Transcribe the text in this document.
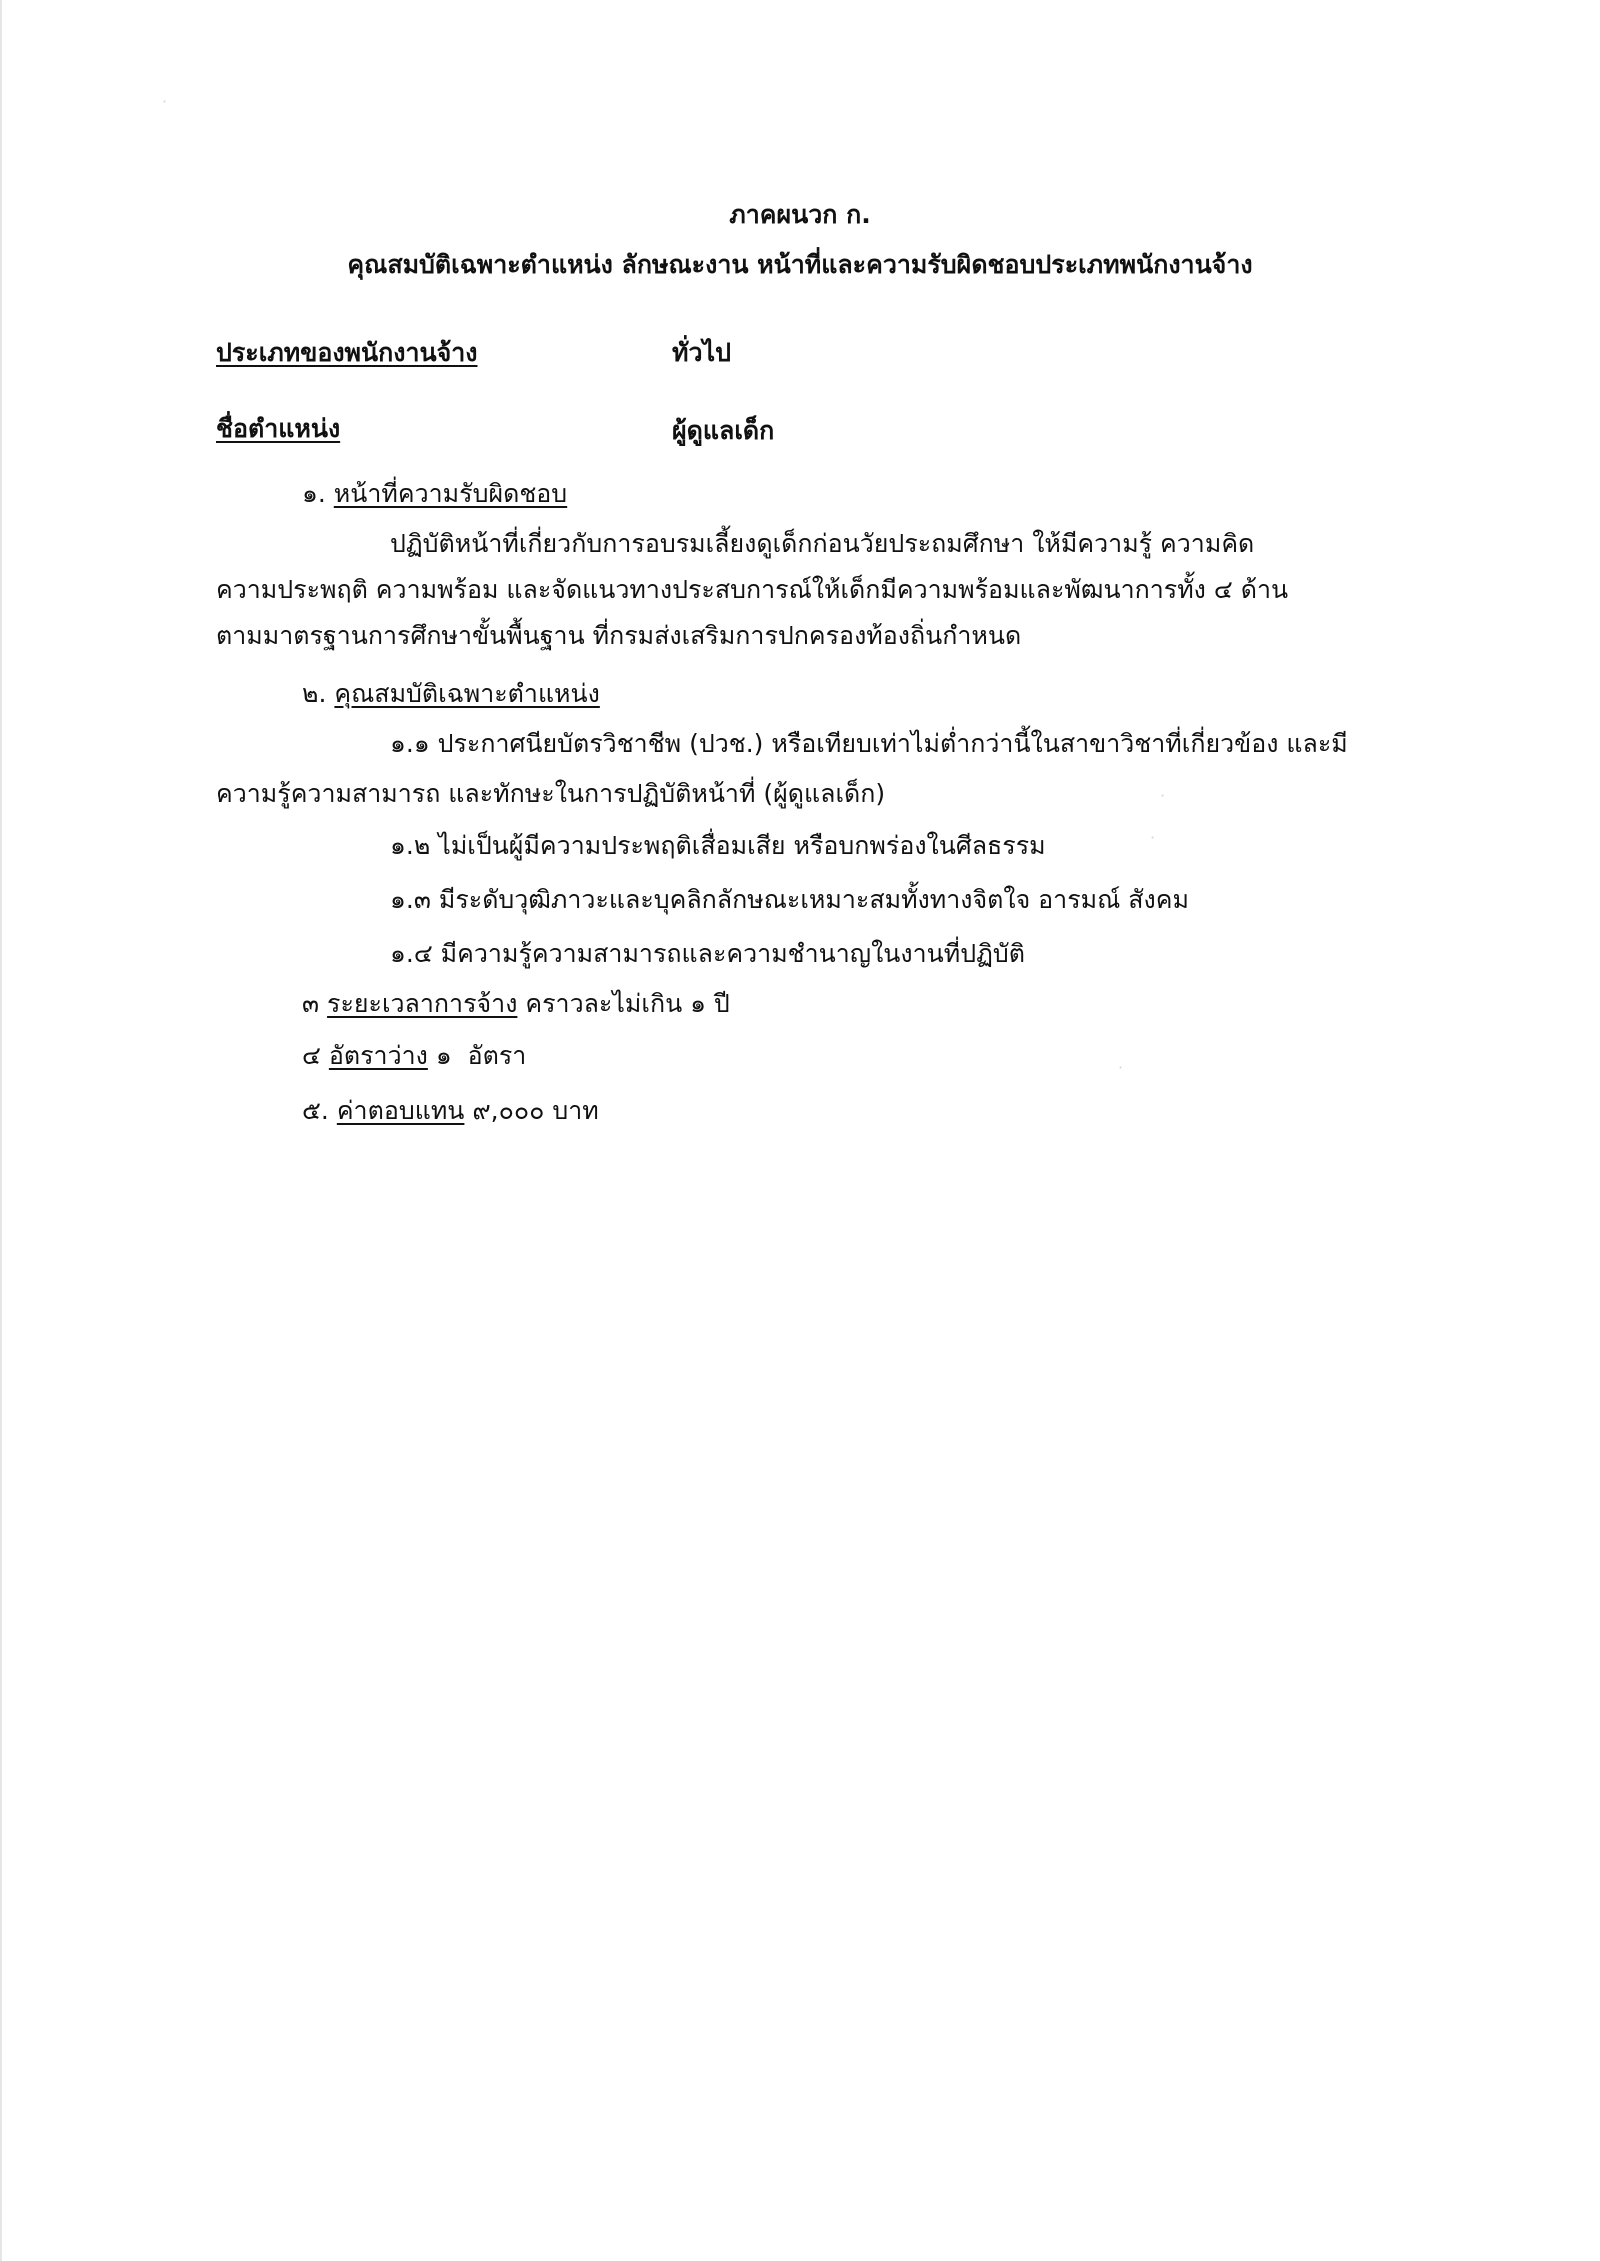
ภาคผนวก ก.
คุณสมบัติเฉพาะตำแหน่ง ลักษณะงาน หน้าที่และความรับผิดชอบประเภทพนักงานจ้าง
ประเภทของพนักงานจ้าง	ทั่วไป
ชื่อตำแหน่ง	ผู้ดูแลเด็ก
๑. หน้าที่ความรับผิดชอบ
ปฏิบัติหน้าที่เกี่ยวกับการอบรมเลี้ยงดูเด็กก่อนวัยประถมศึกษา ให้มีความรู้ ความคิด
ความประพฤติ ความพร้อม และจัดแนวทางประสบการณ์ให้เด็กมีความพร้อมและพัฒนาการทั้ง ๔ ด้าน
ตามมาตรฐานการศึกษาขั้นพื้นฐาน ที่กรมส่งเสริมการปกครองท้องถิ่นกำหนด
๒. คุณสมบัติเฉพาะตำแหน่ง
๑.๑ ประกาศนียบัตรวิชาชีพ (ปวช.) หรือเทียบเท่าไม่ต่ำกว่านี้ในสาขาวิชาที่เกี่ยวข้อง และมี
ความรู้ความสามารถ และทักษะในการปฏิบัติหน้าที่ (ผู้ดูแลเด็ก)
๑.๒ ไม่เป็นผู้มีความประพฤติเสื่อมเสีย หรือบกพร่องในศีลธรรม
๑.๓ มีระดับวุฒิภาวะและบุคลิกลักษณะเหมาะสมทั้งทางจิตใจ อารมณ์ สังคม
๑.๔ มีความรู้ความสามารถและความชำนาญในงานที่ปฏิบัติ
๓ ระยะเวลาการจ้าง คราวละไม่เกิน ๑ ปี
๔ อัตราว่าง ๑  อัตรา
๕. ค่าตอบแทน ๙,๐๐๐ บาท
·
·
·
·
